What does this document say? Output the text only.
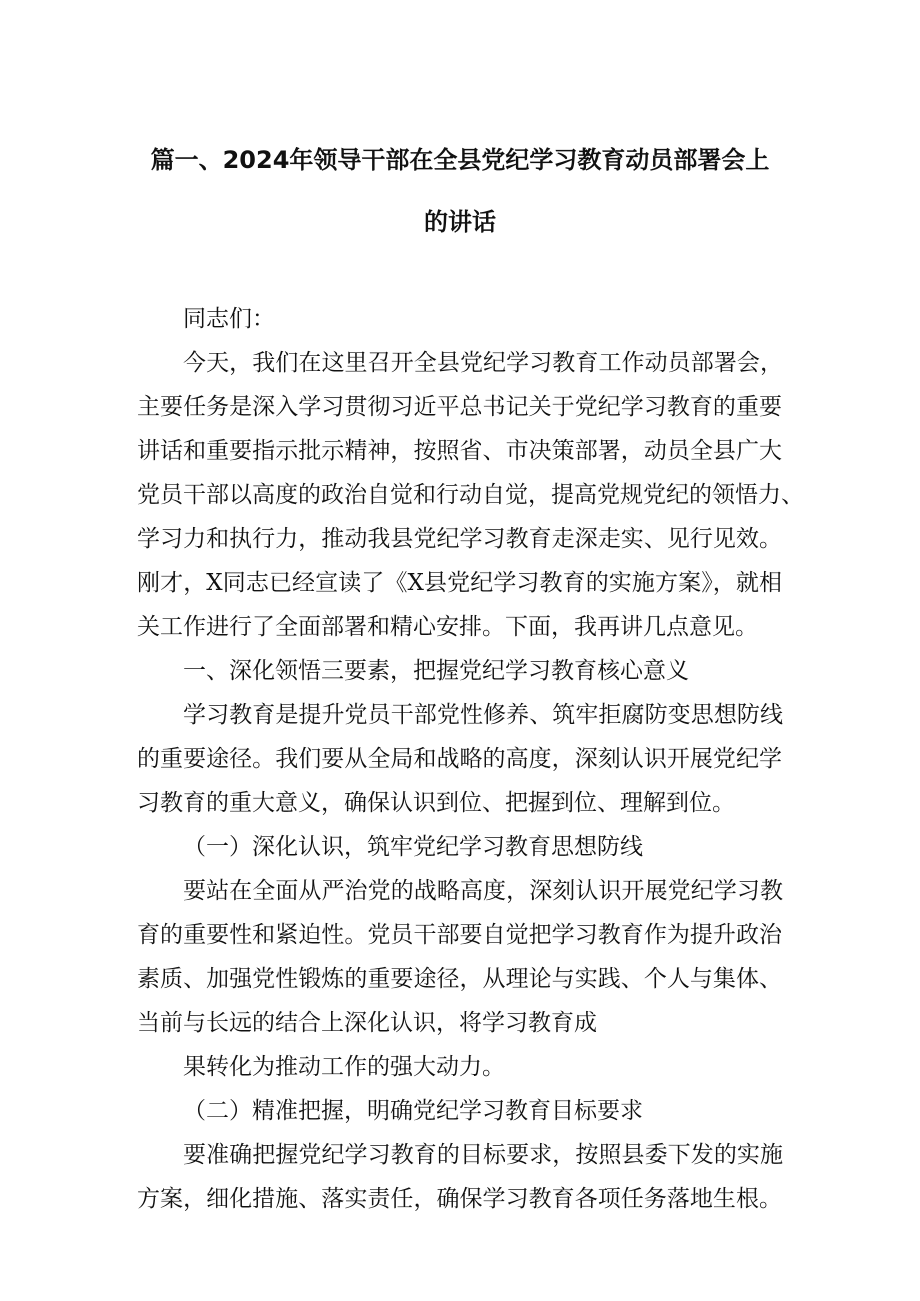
篇一、2024年领导干部在全县党纪学习教育动员部署会上
的讲话
同志们：
今天，我们在这里召开全县党纪学习教育工作动员部署会，
主要任务是深入学习贯彻习近平总书记关于党纪学习教育的重要
讲话和重要指示批示精神，按照省、市决策部署，动员全县广大
党员干部以高度的政治自觉和行动自觉，提高党规党纪的领悟力、
学习力和执行力，推动我县党纪学习教育走深走实、见行见效。
刚才，X同志已经宣读了《X县党纪学习教育的实施方案》，就相
关工作进行了全面部署和精心安排。下面，我再讲几点意见。
一、深化领悟三要素，把握党纪学习教育核心意义
学习教育是提升党员干部党性修养、筑牢拒腐防变思想防线
的重要途径。我们要从全局和战略的高度，深刻认识开展党纪学
习教育的重大意义，确保认识到位、把握到位、理解到位。
（一）深化认识，筑牢党纪学习教育思想防线
要站在全面从严治党的战略高度，深刻认识开展党纪学习教
育的重要性和紧迫性。党员干部要自觉把学习教育作为提升政治
素质、加强党性锻炼的重要途径，从理论与实践、个人与集体、
当前与长远的结合上深化认识，将学习教育成
果转化为推动工作的强大动力。
（二）精准把握，明确党纪学习教育目标要求
要准确把握党纪学习教育的目标要求，按照县委下发的实施
方案，细化措施、落实责任，确保学习教育各项任务落地生根。
